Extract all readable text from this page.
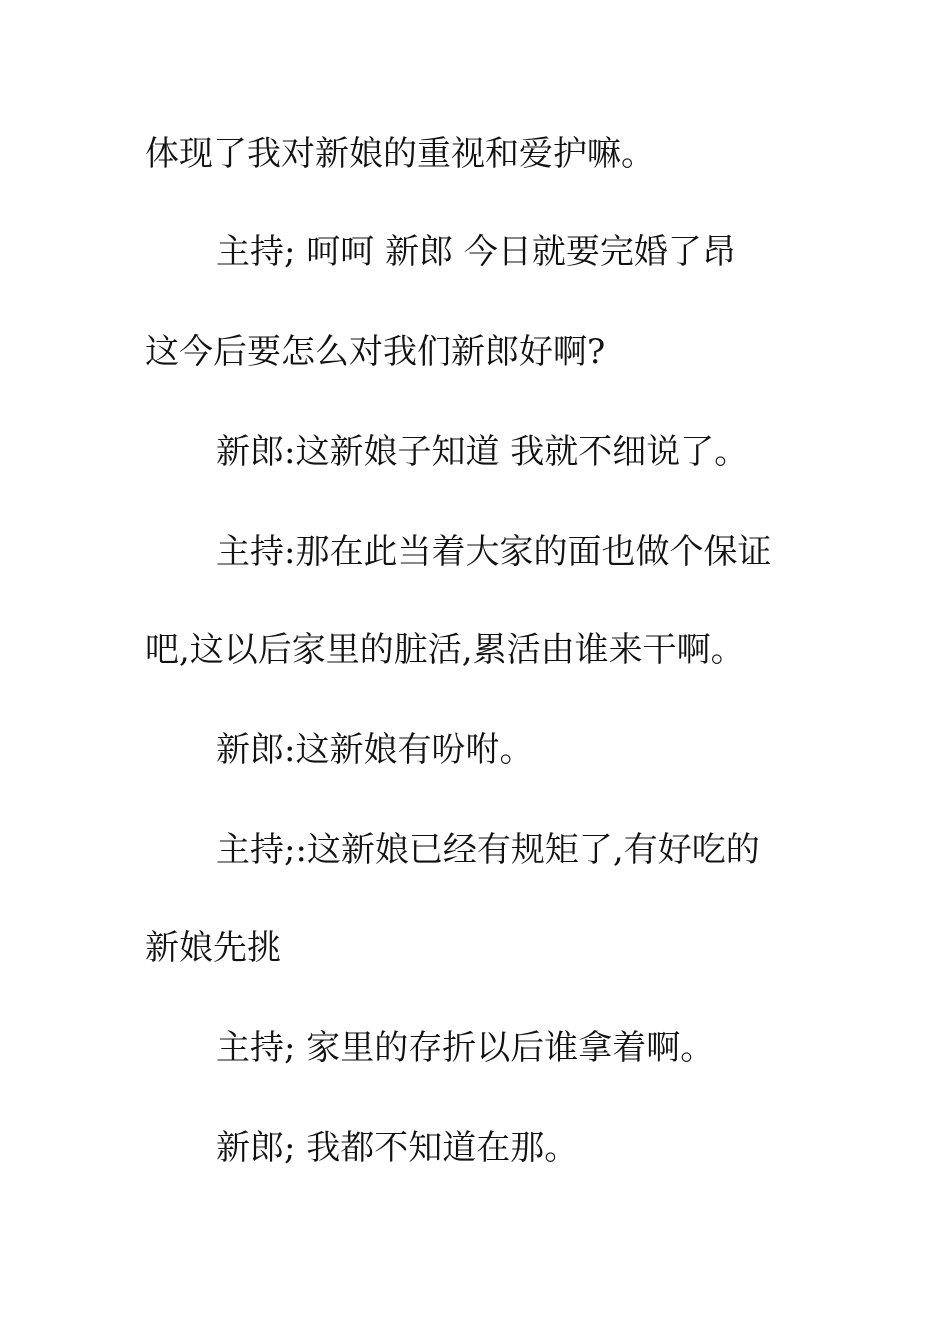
体现了我对新娘的重视和爱护嘛。
主持; 呵呵 新郎 今日就要完婚了昂
这今后要怎么对我们新郎好啊?
新郎:这新娘子知道 我就不细说了。
主持:那在此当着大家的面也做个保证
吧,这以后家里的脏活,累活由谁来干啊。
新郎:这新娘有吩咐。
主持;:这新娘已经有规矩了,有好吃的
新娘先挑
主持; 家里的存折以后谁拿着啊。
新郎; 我都不知道在那。
